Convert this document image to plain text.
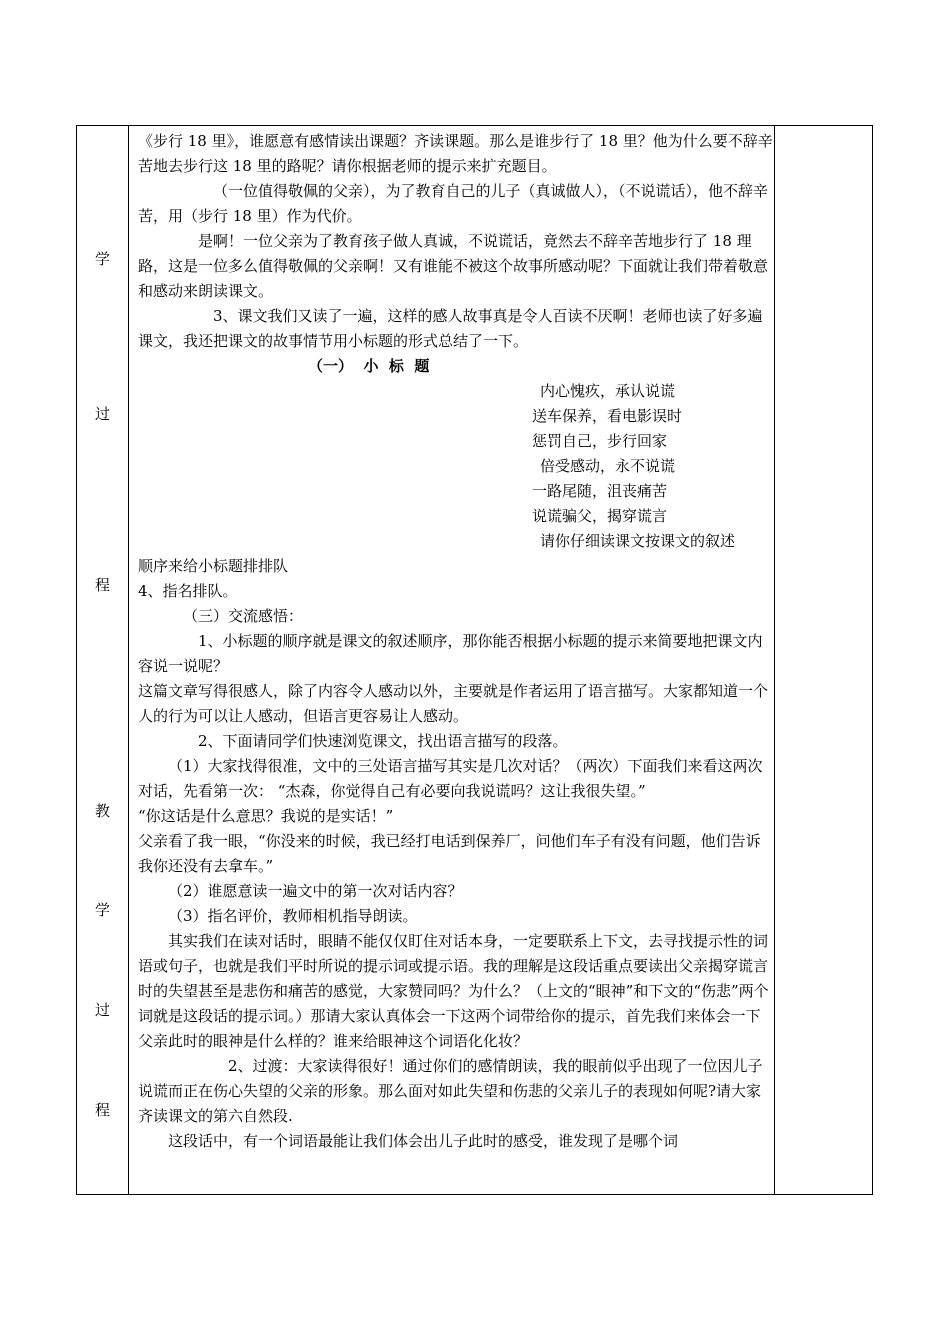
学
过
程
教
学
过
程

《步行 18 里》，谁愿意有感情读出课题？齐读课题。那么是谁步行了 18 里？他为什么要不辞辛苦地去步行这 18 里的路呢？请你根据老师的提示来扩充题目。

（一位值得敬佩的父亲），为了教育自己的儿子（真诚做人），（不说谎话），他不辞辛苦，用（步行 18 里）作为代价。

是啊！一位父亲为了教育孩子做人真诚，不说谎话，竟然去不辞辛苦地步行了 18 理路，这是一位多么值得敬佩的父亲啊！又有谁能不被这个故事所感动呢？下面就让我们带着敬意和感动来朗读课文。

3、课文我们又读了一遍，这样的感人故事真是令人百读不厌啊！老师也读了好多遍课文，我还把课文的故事情节用小标题的形式总结了一下。

（一）  小  标  题

内心愧疚，承认说谎

送车保养，看电影误时

惩罚自己，步行回家

倍受感动，永不说谎

一路尾随，沮丧痛苦

说谎骗父，揭穿谎言

请你仔细读课文按课文的叙述

顺序来给小标题排排队

4、指名排队。

（三）交流感悟：

1、小标题的顺序就是课文的叙述顺序，那你能否根据小标题的提示来简要地把课文内容说一说呢？

这篇文章写得很感人，除了内容令人感动以外，主要就是作者运用了语言描写。大家都知道一个人的行为可以让人感动，但语言更容易让人感动。

2、下面请同学们快速浏览课文，找出语言描写的段落。

（1）大家找得很准，文中的三处语言描写其实是几次对话？（两次）下面我们来看这两次对话，先看第一次： “杰森，你觉得自己有必要向我说谎吗？这让我很失望。”

“你这话是什么意思？我说的是实话！”

父亲看了我一眼，“你没来的时候，我已经打电话到保养厂，问他们车子有没有问题，他们告诉我你还没有去拿车。”

（2）谁愿意读一遍文中的第一次对话内容？

（3）指名评价，教师相机指导朗读。

其实我们在读对话时，眼睛不能仅仅盯住对话本身，一定要联系上下文，去寻找提示性的词语或句子，也就是我们平时所说的提示词或提示语。我的理解是这段话重点要读出父亲揭穿谎言时的失望甚至是悲伤和痛苦的感觉，大家赞同吗？为什么？（上文的“眼神”和下文的“伤悲”两个词就是这段话的提示词。）那请大家认真体会一下这两个词带给你的提示，首先我们来体会一下父亲此时的眼神是什么样的？谁来给眼神这个词语化化妆？

2、过渡：大家读得很好！通过你们的感情朗读，我的眼前似乎出现了一位因儿子说谎而正在伤心失望的父亲的形象。那么面对如此失望和伤悲的父亲儿子的表现如何呢?请大家齐读课文的第六自然段.

这段话中，有一个词语最能让我们体会出儿子此时的感受，谁发现了是哪个词
